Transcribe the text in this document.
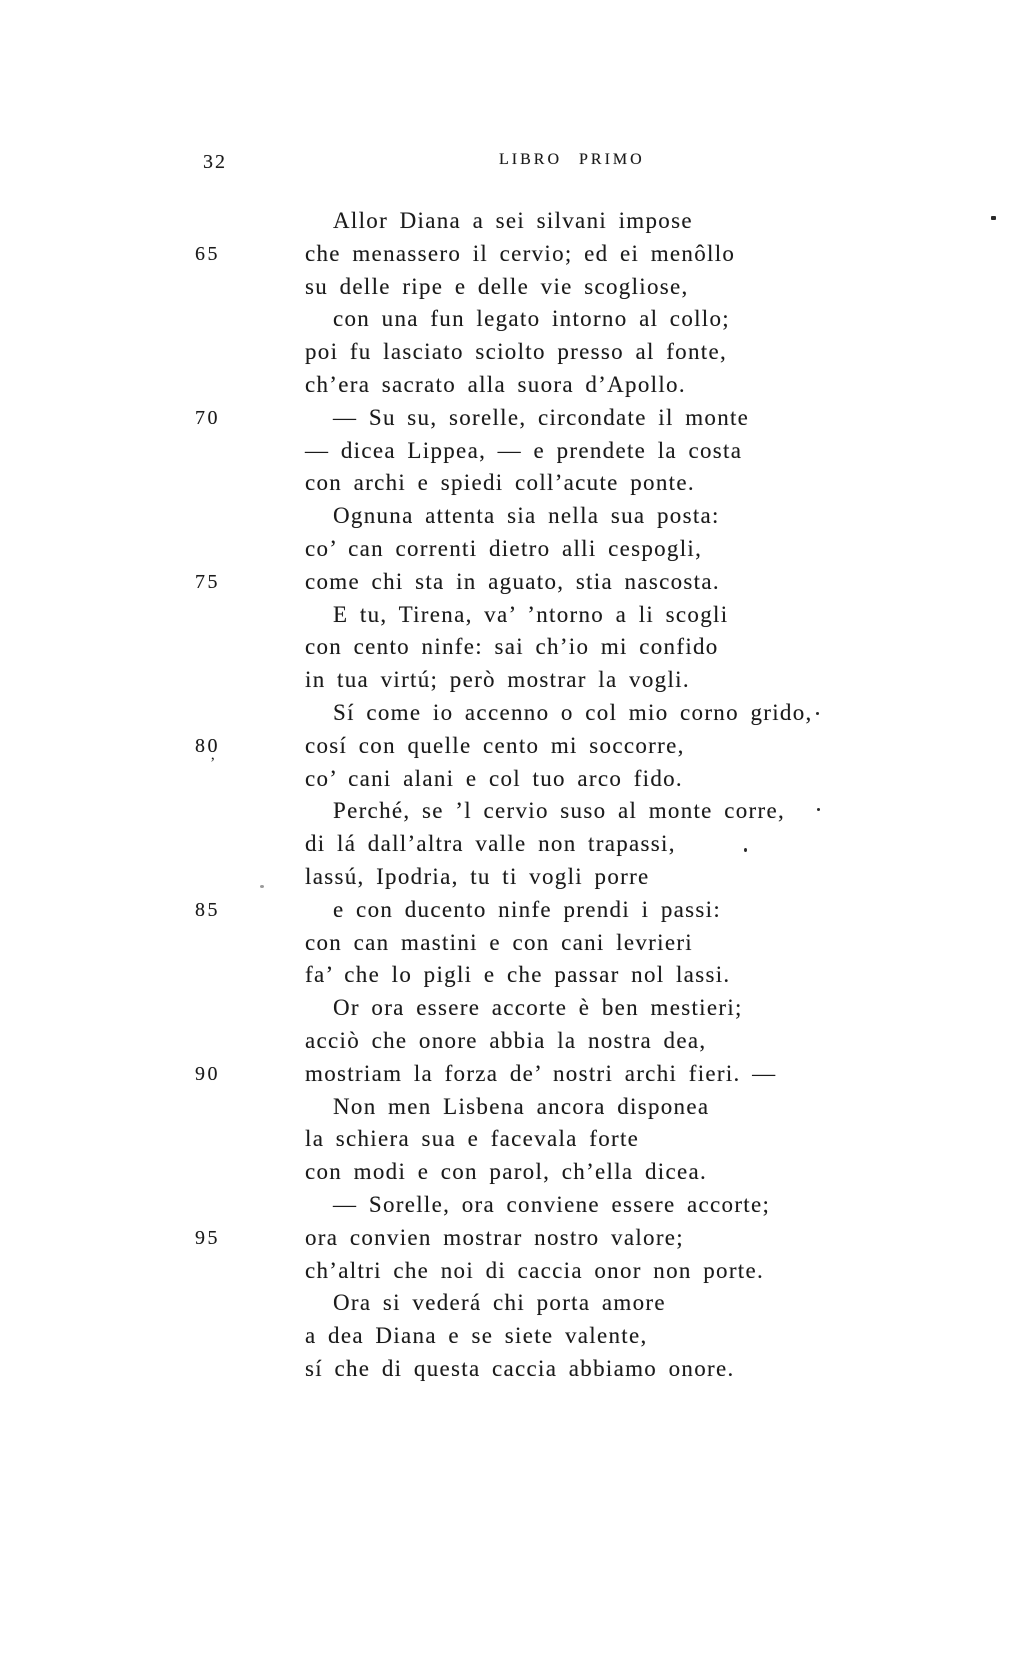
32	LIBRO PRIMO
Allor Diana a sei silvani impose
che menassero il cervio; ed ei menôllo
su delle ripe e delle vie scogliose,
con una fun legato intorno al collo;
poi fu lasciato sciolto presso al fonte,
ch’era sacrato alla suora d’Apollo.
— Su su, sorelle, circondate il monte
— dicea Lippea, — e prendete la costa
con archi e spiedi coll’acute ponte.
Ognuna attenta sia nella sua posta:
co’ can correnti dietro alli cespogli,
come chi sta in aguato, stia nascosta.
E tu, Tirena, va’ ’ntorno a li scogli
con cento ninfe: sai ch’io mi confido
in tua virtú; però mostrar la vogli.
Sí come io accenno o col mio corno grido,
cosí con quelle cento mi soccorre,
co’ cani alani e col tuo arco fido.
Perché, se ’l cervio suso al monte corre,
di lá dall’altra valle non trapassi,
lassú, Ipodria, tu ti vogli porre
e con ducento ninfe prendi i passi:
con can mastini e con cani levrieri
fa’ che lo pigli e che passar nol lassi.
Or ora essere accorte è ben mestieri;
acciò che onore abbia la nostra dea,
mostriam la forza de’ nostri archi fieri. —
Non men Lisbena ancora disponea
la schiera sua e facevala forte
con modi e con parol, ch’ella dicea.
— Sorelle, ora conviene essere accorte;
ora convien mostrar nostro valore;
ch’altri che noi di caccia onor non porte.
Ora si vederá chi porta amore
a dea Diana e se siete valente,
sí che di questa caccia abbiamo onore.
’
65
70
75
80
85
90
95
